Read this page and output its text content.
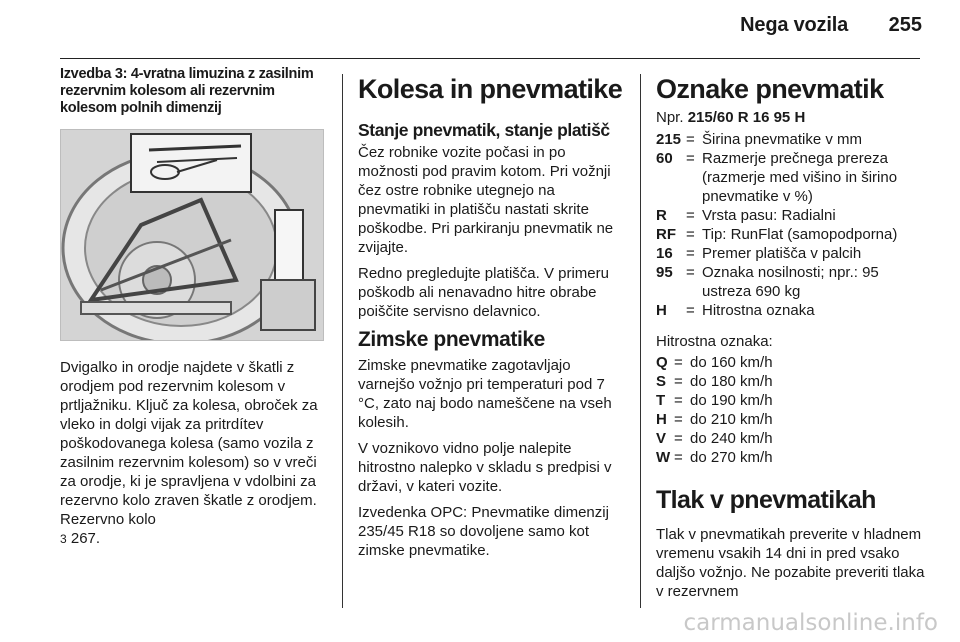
Nega vozila 255
Izvedba 3: 4-vratna limuzina z zasilnim rezervnim kolesom ali rezervnim kolesom polnih dimenzij

Dvigalko in orodje najdete v škatli z orodjem pod rezervnim kolesom v prtljažniku. Ključ za kolesa, obroček za vleko in dolgi vijak za pritrdítev poškodovanega kolesa (samo vozila z zasilnim rezervnim kolesom) so v vreči za orodje, ki je spravljena v vdolbini za rezervno kolo zraven škatle z orodjem. Rezervno kolo
3 267.

Kolesa in pnevmatike
Stanje pnevmatik, stanje platišč

Čez robnike vozite počasi in po možnosti pod pravim kotom. Pri vožnji čez ostre robnike utegnejo na pnevmatiki in platišču nastati skrite poškodbe. Pri parkiranju pnevmatik ne zvijajte.

Redno pregledujte platišča. V primeru poškodb ali nenavadno hitre obrabe poiščite servisno delavnico.

Zimske pnevmatike

Zimske pnevmatike zagotavljajo varnejšo vožnjo pri temperaturi pod 7 °C, zato naj bodo nameščene na vseh kolesih.

V voznikovo vidno polje nalepite hitrostno nalepko v skladu s predpisi v državi, v kateri vozite.

Izvedenka OPC: Pnevmatike dimenzij 235/45 R18 so dovoljene samo kot zimske pnevmatike.

Oznake pnevmatik

Npr. 215/60 R 16 95 H

215 = Širina pnevmatike v mm
60 = Razmerje prečnega prereza (razmerje med višino in širino pnevmatike v %)
R	= Vrsta pasu: Radialni
RF = Tip: RunFlat (samopodporna)
16 = Premer platišča v palcih
95 = Oznaka nosilnosti; npr.: 95 ustreza 690 kg
H	= Hitrostna oznaka

Hitrostna oznaka:

Q = do 160 km/h
S = do 180 km/h
T = do 190 km/h
H = do 210 km/h
V = do 240 km/h
W = do 270 km/h
Tlak v pnevmatikah

Tlak v pnevmatikah preverite v hladnem vremenu vsakih 14 dni in pred vsako daljšo vožnjo. Ne pozabite preveriti tlaka v rezervnem

carmanualsonline.info
